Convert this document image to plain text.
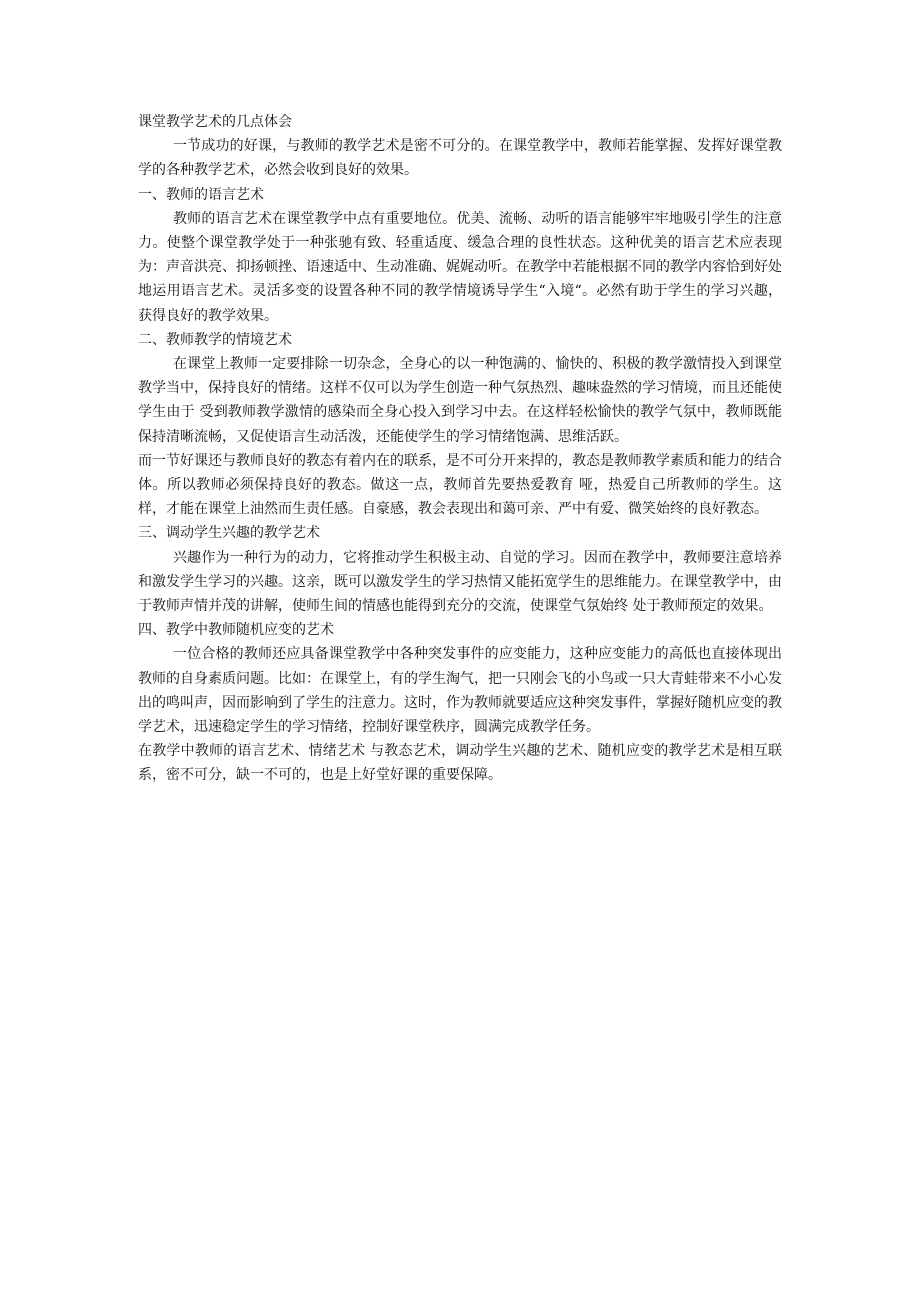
课堂教学艺术的几点体会
一节成功的好课，与教师的教学艺术是密不可分的。在课堂教学中，教师若能掌握、发挥好课堂教学的各种教学艺术，必然会收到良好的效果。
一、教师的语言艺术
教师的语言艺术在课堂教学中点有重要地位。优美、流畅、动听的语言能够牢牢地吸引学生的注意力。使整个课堂教学处于一种张驰有致、轻重适度、缓急合理的良性状态。这种优美的语言艺术应表现为：声音洪亮、抑扬顿挫、语速适中、生动准确、娓娓动听。在教学中若能根据不同的教学内容恰到好处地运用语言艺术。灵活多变的设置各种不同的教学情境诱导学生“入境“。必然有助于学生的学习兴趣，获得良好的教学效果。
二、教师教学的情境艺术
在课堂上教师一定要排除一切杂念，全身心的以一种饱满的、愉快的、积极的教学激情投入到课堂教学当中，保持良好的情绪。这样不仅可以为学生创造一种气氛热烈、趣味盎然的学习情境，而且还能使学生由于 受到教师教学激情的感染而全身心投入到学习中去。在这样轻松愉快的教学气氛中，教师既能保持清晰流畅，又促使语言生动活泼，还能使学生的学习情绪饱满、思维活跃。
而一节好课还与教师良好的教态有着内在的联系，是不可分开来捍的，教态是教师教学素质和能力的结合体。所以教师必须保持良好的教态。做这一点，教师首先要热爱教育 哑，热爱自己所教师的学生。这样，才能在课堂上油然而生责任感。自豪感，教会表现出和蔼可亲、严中有爱、微笑始终的良好教态。
三、调动学生兴趣的教学艺术
兴趣作为一种行为的动力，它将推动学生积极主动、自觉的学习。因而在教学中，教师要注意培养和激发学生学习的兴趣。这亲，既可以激发学生的学习热情又能拓宽学生的思维能力。在课堂教学中，由于教师声情并茂的讲解，使师生间的情感也能得到充分的交流，使课堂气氛始终 处于教师预定的效果。
四、教学中教师随机应变的艺术
一位合格的教师还应具备课堂教学中各种突发事件的应变能力，这种应变能力的高低也直接体现出教师的自身素质问题。比如：在课堂上，有的学生淘气，把一只刚会飞的小鸟或一只大青蛙带来不小心发出的鸣叫声，因而影响到了学生的注意力。这时，作为教师就要适应这种突发事件，掌握好随机应变的教学艺术，迅速稳定学生的学习情绪，控制好课堂秩序，圆满完成教学任务。
在教学中教师的语言艺术、情绪艺术 与教态艺术，调动学生兴趣的艺术、随机应变的教学艺术是相互联系，密不可分，缺一不可的，也是上好堂好课的重要保障。
